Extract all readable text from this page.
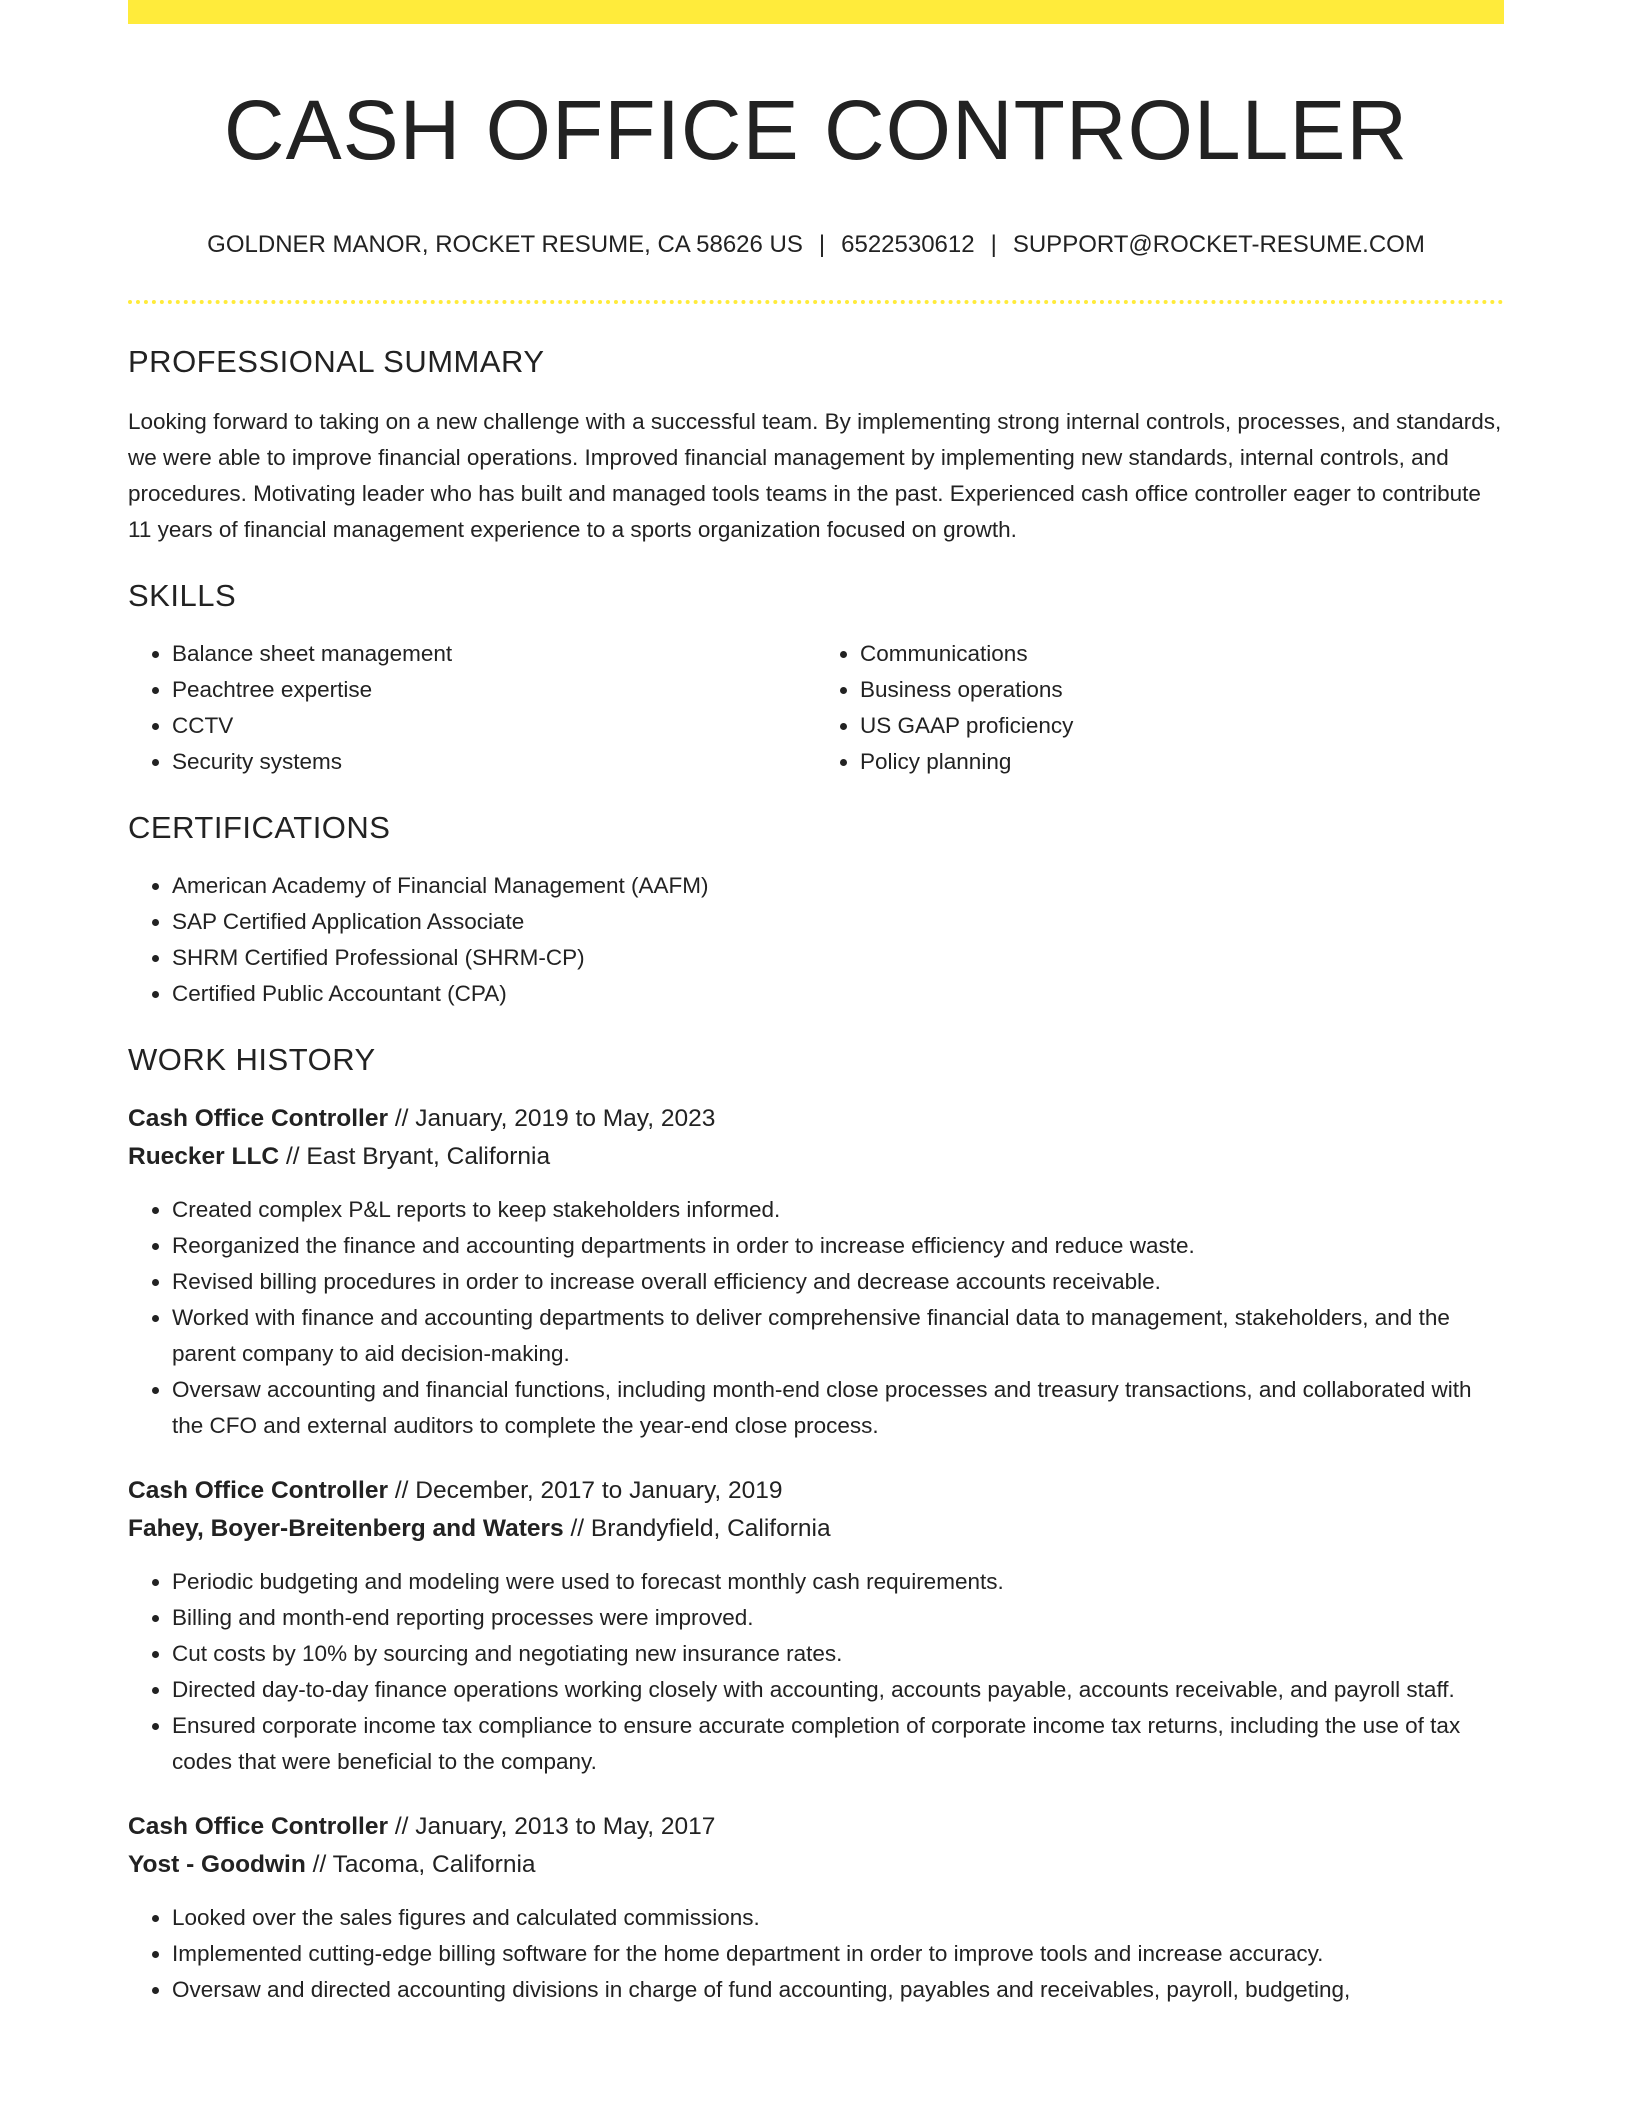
CASH OFFICE CONTROLLER
GOLDNER MANOR, ROCKET RESUME, CA 58626 US | 6522530612 | SUPPORT@ROCKET-RESUME.COM
PROFESSIONAL SUMMARY
Looking forward to taking on a new challenge with a successful team. By implementing strong internal controls, processes, and standards, we were able to improve financial operations. Improved financial management by implementing new standards, internal controls, and procedures. Motivating leader who has built and managed tools teams in the past. Experienced cash office controller eager to contribute 11 years of financial management experience to a sports organization focused on growth.
SKILLS
• Balance sheet management
• Peachtree expertise
• CCTV
• Security systems
• Communications
• Business operations
• US GAAP proficiency
• Policy planning
CERTIFICATIONS
• American Academy of Financial Management (AAFM)
• SAP Certified Application Associate
• SHRM Certified Professional (SHRM-CP)
• Certified Public Accountant (CPA)
WORK HISTORY
Cash Office Controller // January, 2019 to May, 2023
Ruecker LLC // East Bryant, California
• Created complex P&L reports to keep stakeholders informed.
• Reorganized the finance and accounting departments in order to increase efficiency and reduce waste.
• Revised billing procedures in order to increase overall efficiency and decrease accounts receivable.
• Worked with finance and accounting departments to deliver comprehensive financial data to management, stakeholders, and the parent company to aid decision-making.
• Oversaw accounting and financial functions, including month-end close processes and treasury transactions, and collaborated with the CFO and external auditors to complete the year-end close process.
Cash Office Controller // December, 2017 to January, 2019
Fahey, Boyer-Breitenberg and Waters // Brandyfield, California
• Periodic budgeting and modeling were used to forecast monthly cash requirements.
• Billing and month-end reporting processes were improved.
• Cut costs by 10% by sourcing and negotiating new insurance rates.
• Directed day-to-day finance operations working closely with accounting, accounts payable, accounts receivable, and payroll staff.
• Ensured corporate income tax compliance to ensure accurate completion of corporate income tax returns, including the use of tax codes that were beneficial to the company.
Cash Office Controller // January, 2013 to May, 2017
Yost - Goodwin // Tacoma, California
• Looked over the sales figures and calculated commissions.
• Implemented cutting-edge billing software for the home department in order to improve tools and increase accuracy.
• Oversaw and directed accounting divisions in charge of fund accounting, payables and receivables, payroll, budgeting,
